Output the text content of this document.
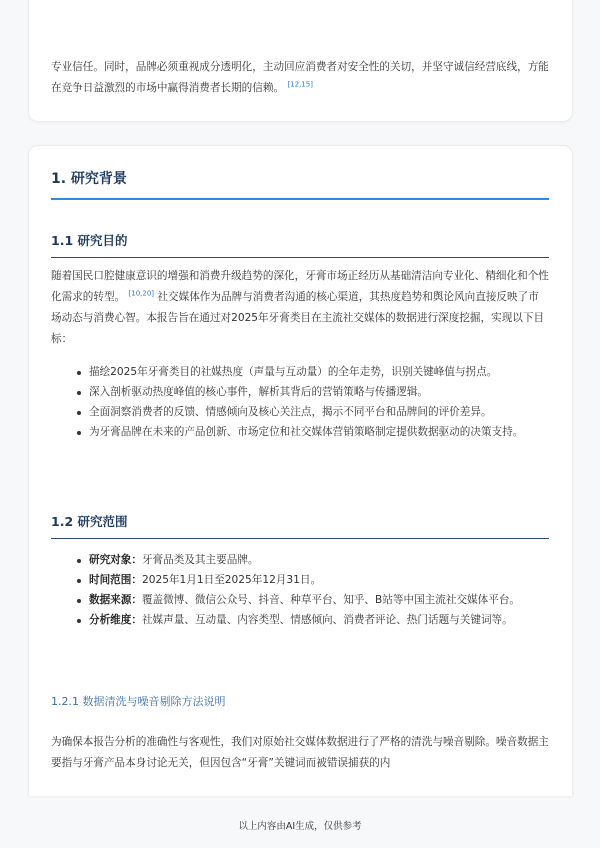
专业信任。同时，品牌必须重视成分透明化，主动回应消费者对安全性的关切，并坚守诚信经营底线，方能在竞争日益激烈的市场中赢得消费者长期的信赖。 [12,15]

1. 研究背景
1.1 研究目的

随着国民口腔健康意识的增强和消费升级趋势的深化，牙膏市场正经历从基础清洁向专业化、精细化和个性化需求的转型。 [10,20] 社交媒体作为品牌与消费者沟通的核心渠道，其热度趋势和舆论风向直接反映了市场动态与消费心智。本报告旨在通过对2025年牙膏类目在主流社交媒体的数据进行深度挖掘，实现以下目标：

描绘2025年牙膏类目的社媒热度（声量与互动量）的全年走势，识别关键峰值与拐点。
深入剖析驱动热度峰值的核心事件，解析其背后的营销策略与传播逻辑。
全面洞察消费者的反馈、情感倾向及核心关注点，揭示不同平台和品牌间的评价差异。
为牙膏品牌在未来的产品创新、市场定位和社交媒体营销策略制定提供数据驱动的决策支持。
1.2 研究范围
研究对象：牙膏品类及其主要品牌。
时间范围：2025年1月1日至2025年12月31日。
数据来源：覆盖微博、微信公众号、抖音、种草平台、知乎、B站等中国主流社交媒体平台。
分析维度：社媒声量、互动量、内容类型、情感倾向、消费者评论、热门话题与关键词等。
1.2.1 数据清洗与噪音剔除方法说明

为确保本报告分析的准确性与客观性，我们对原始社交媒体数据进行了严格的清洗与噪音剔除。噪音数据主要指与牙膏产品本身讨论无关，但因包含“牙膏”关键词而被错误捕获的内

以上内容由AI生成，仅供参考
